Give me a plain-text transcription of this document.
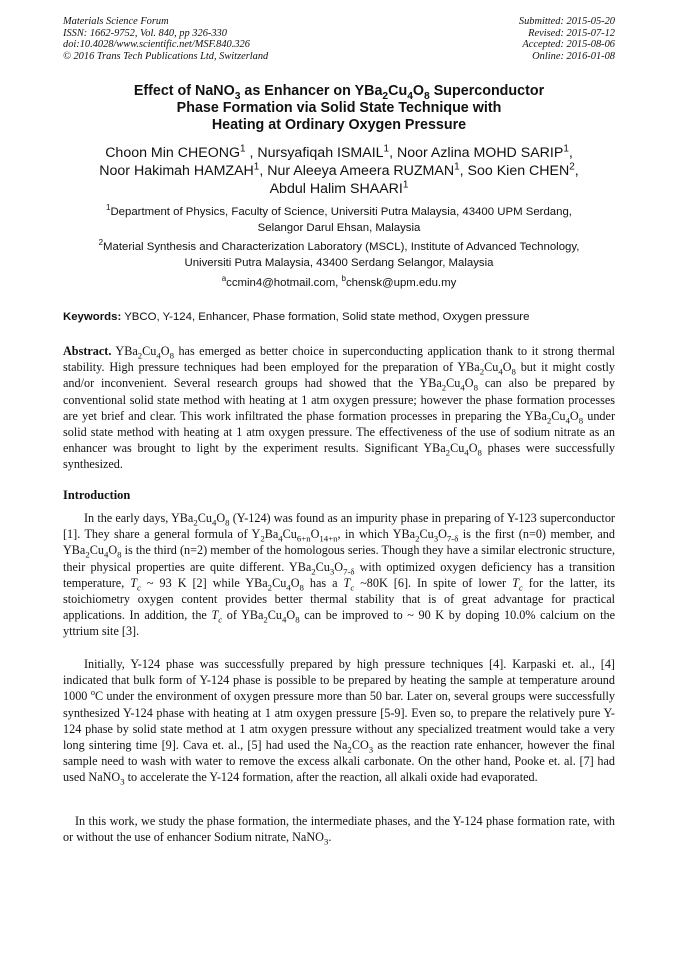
Materials Science Forum
ISSN: 1662-9752, Vol. 840, pp 326-330
doi:10.4028/www.scientific.net/MSF.840.326
© 2016 Trans Tech Publications Ltd, Switzerland
Submitted: 2015-05-20
Revised: 2015-07-12
Accepted: 2015-08-06
Online: 2016-01-08
Effect of NaNO$_3$ as Enhancer on $YBa_2Cu_4O_8$ Superconductor
Phase Formation via Solid State Technique with
Heating at Ordinary Oxygen Pressure
Choon Min CHEONG$^1$ , Nursyafiqah ISMAIL$^1$, Noor Azlina MOHD SARIP$^1$,
Noor Hakimah HAMZAH$^1$, Nur Aleeya Ameera RUZMAN$^1$, Soo Kien CHEN$^2$,
Abdul Halim SHAARI$^1$
$^1$Department of Physics, Faculty of Science, Universiti Putra Malaysia, 43400 UPM Serdang,
Selangor Darul Ehsan, Malaysia
$^2$Material Synthesis and Characterization Laboratory (MSCL), Institute of Advanced Technology,
Universiti Putra Malaysia, 43400 Serdang Selangor, Malaysia
$^a$ccmin4@hotmail.com, $^b$chensk@upm.edu.my
Keywords: YBCO, Y-124, Enhancer, Phase formation, Solid state method, Oxygen pressure
Abstract. $YBa_2Cu_4O_8$ has emerged as better choice in superconducting application thank to it strong thermal stability. High pressure techniques had been employed for the preparation of $YBa_2Cu_4O_8$ but it might costly and/or inconvenient. Several research groups had showed that the $YBa_2Cu_4O_8$ can also be prepared by conventional solid state method with heating at 1 atm oxygen pressure; however the phase formation processes are yet brief and clear. This work infiltrated the phase formation processes in preparing the $YBa_2Cu_4O_8$ under solid state method with heating at 1 atm oxygen pressure. The effectiveness of the use of sodium nitrate as an enhancer was brought to light by the experiment results. Significant $YBa_2Cu_4O_8$ phases were successfully synthesized.
Introduction
In the early days, $YBa_2Cu_4O_8$ (Y-124) was found as an impurity phase in preparing of Y-123 superconductor [1]. They share a general formula of $Y_2Ba_4Cu_{6+n}O_{14+n}$, in which $YBa_2Cu_3O_{7-\delta}$ is the first (n=0) member, and $YBa_2Cu_4O_8$ is the third (n=2) member of the homologous series. Though they have a similar electronic structure, their physical properties are quite different. $YBa_2Cu_3O_{7-\delta}$ with optimized oxygen deficiency has a transition temperature, $T_c$ ~ 93 K [2] while $YBa_2Cu_4O_8$ has a $T_c$ ~80K [6]. In spite of lower $T_c$ for the latter, its stoichiometry oxygen content provides better thermal stability that is of great advantage for practical applications. In addition, the $T_c$ of $YBa_2Cu_4O_8$ can be improved to ~ 90 K by doping 10.0% calcium on the yttrium site [3].
Initially, Y-124 phase was successfully prepared by high pressure techniques [4]. Karpaski et. al., [4] indicated that bulk form of Y-124 phase is possible to be prepared by heating the sample at temperature around 1000 $^o$C under the environment of oxygen pressure more than 50 bar. Later on, several groups were successfully synthesized Y-124 phase with heating at 1 atm oxygen pressure [5-9]. Even so, to prepare the relatively pure Y-124 phase by solid state method at 1 atm oxygen pressure without any specialized treatment would take a very long sintering time [9]. Cava et. al., [5] had used the $Na_2CO_3$ as the reaction rate enhancer, however the final sample need to wash with water to remove the excess alkali carbonate. On the other hand, Pooke et. al. [7] had used NaNO$_3$ to accelerate the Y-124 formation, after the reaction, all alkali oxide had evaporated.
In this work, we study the phase formation, the intermediate phases, and the Y-124 phase formation rate, with or without the use of enhancer Sodium nitrate, NaNO$_3$.
